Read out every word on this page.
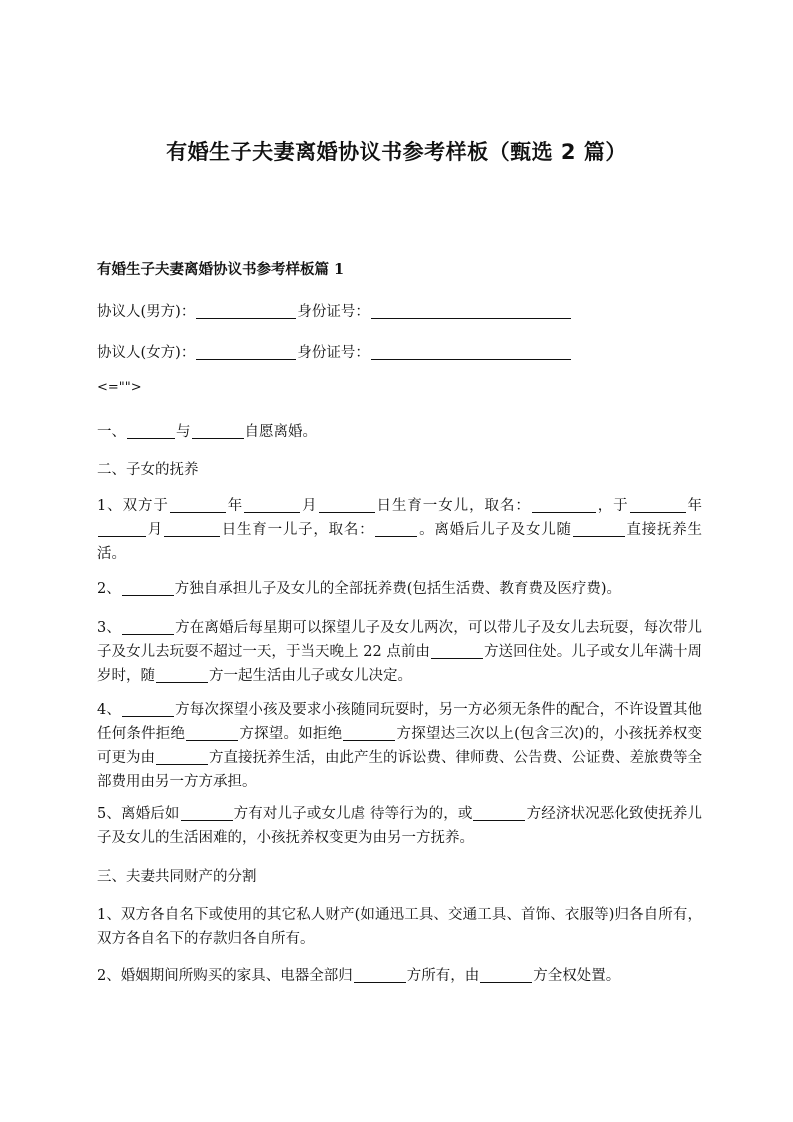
有婚生子夫妻离婚协议书参考样板（甄选 2 篇）
有婚生子夫妻离婚协议书参考样板篇 1

协议人(男方)：	身份证号：

协议人(女方)：	身份证号：

<="">

一、	与	自愿离婚。

二、子女的抚养

1、双方于	年	月	日生育一女儿，取名：	，于	年月	日生育一儿子，取名：	。离婚后儿子及女儿随	直接抚养生活。

2、	方独自承担儿子及女儿的全部抚养费(包括生活费、教育费及医疗费)。

3、	方在离婚后每星期可以探望儿子及女儿两次，可以带儿子及女儿去玩耍，每次带儿子及女儿去玩耍不超过一天，于当天晚上 22 点前由	方送回住处。儿子或女儿年满十周岁时，随	方一起生活由儿子或女儿决定。

4、	方每次探望小孩及要求小孩随同玩耍时，另一方必须无条件的配合，不许设置其他任何条件拒绝	方探望。如拒绝	方探望达三次以上(包含三次)的，小孩抚养权变可更为由	方直接抚养生活，由此产生的诉讼费、律师费、公告费、公证费、差旅费等全部费用由另一方方承担。

5、离婚后如	方有对儿子或女儿虐 待等行为的，或	方经济状况恶化致使抚养儿子及女儿的生活困难的，小孩抚养权变更为由另一方抚养。

三、夫妻共同财产的分割

1、双方各自名下或使用的其它私人财产(如通迅工具、交通工具、首饰、衣服等)归各自所有，双方各自名下的存款归各自所有。

2、婚姻期间所购买的家具、电器全部归	方所有，由	方全权处置。
